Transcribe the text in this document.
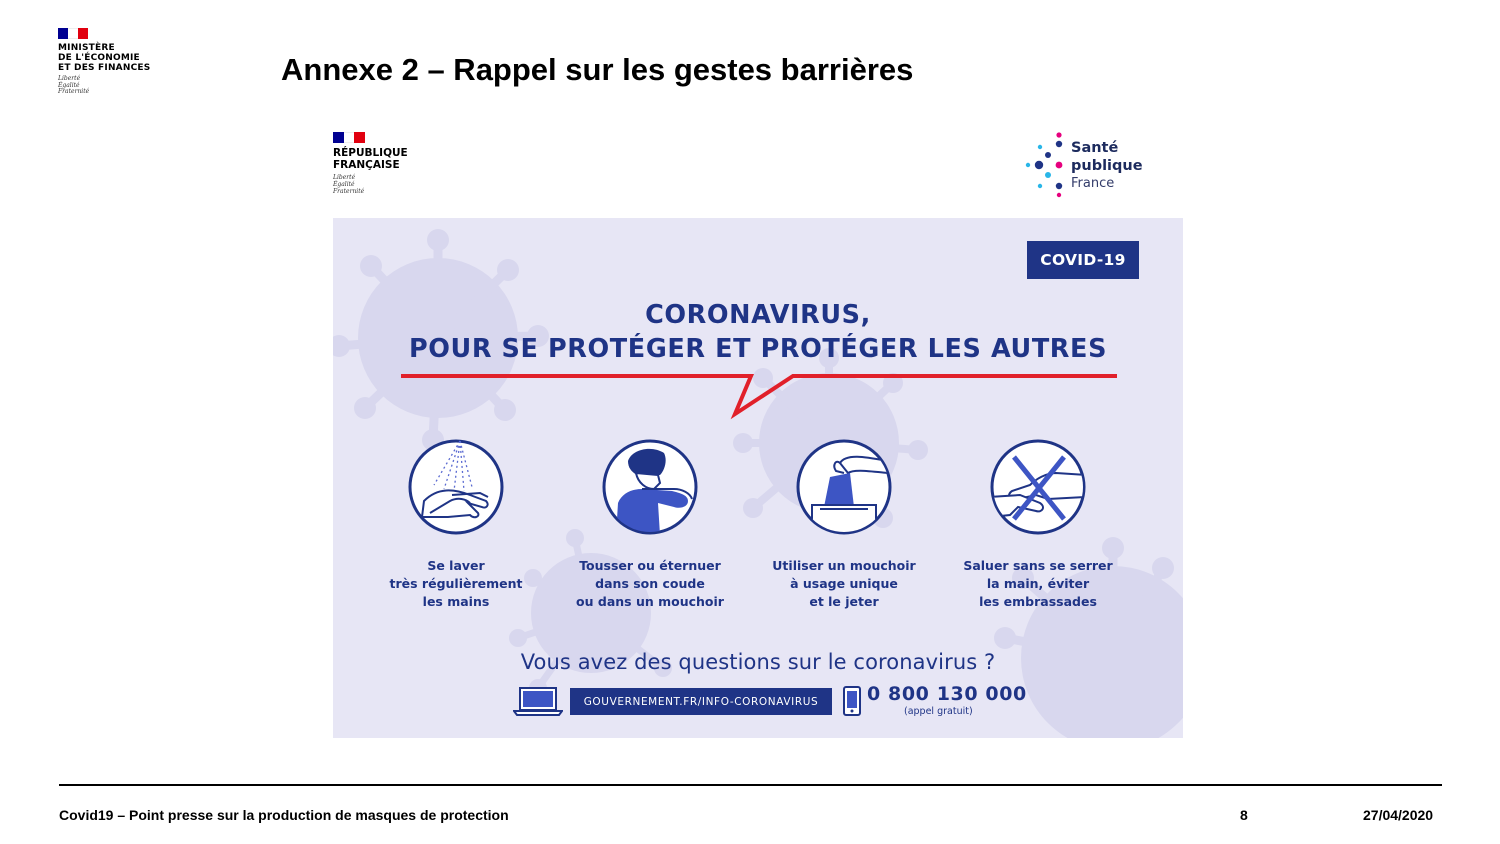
MINISTÈRE
DE L'ÉCONOMIE
ET DES FINANCES
Liberté
Égalité
Fraternité
Annexe 2 – Rappel sur les gestes barrières
RÉPUBLIQUE
FRANÇAISE
Liberté
Égalité
Fraternité
Santé
publique
France
COVID-19
CORONAVIRUS,
POUR SE PROTÉGER ET PROTÉGER LES AUTRES
Se laver
très régulièrement
les mains
Tousser ou éternuer
dans son coude
ou dans un mouchoir
Utiliser un mouchoir
à usage unique
et le jeter
Saluer sans se serrer
la main, éviter
les embrassades
Vous avez des questions sur le coronavirus ?
GOUVERNEMENT.FR/INFO-CORONAVIRUS	0 800 130 000
(appel gratuit)
Covid19 – Point presse sur la production de masques de protection	8	27/04/2020
